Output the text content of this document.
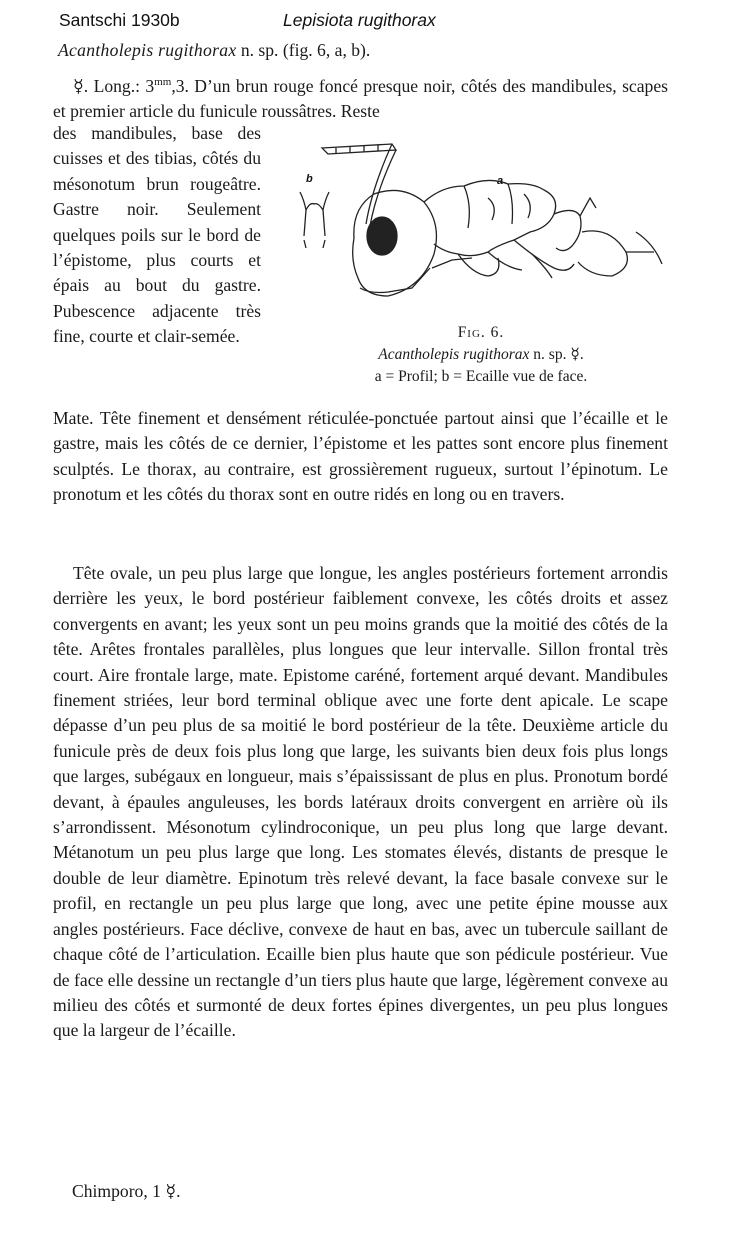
Santschi 1930b	Lepisiota rugithorax
Acantholepis rugithorax n. sp. (fig. 6, a, b).
☿. Long.: $3^{mm},3$. D’un brun rouge foncé presque noir, côtés des mandibules, scapes et premier article du funicule roussâtres. Reste
des mandibules, base des cuisses et des tibias, côtés du mésonotum brun rougeâtre. Gastre noir. Seulement quelques poils sur le bord de l’épistome, plus courts et épais au bout du gastre. Pubescence adjacente très fine, courte et clair-semée.
b	a
Fig. 6.
Acantholepis rugithorax n. sp. ☿.
a = Profil; b = Ecaille vue de face.
Mate. Tête finement et densément réticulée-ponctuée partout ainsi que l’écaille et le gastre, mais les côtés de ce dernier, l’épistome et les pattes sont encore plus finement sculptés. Le thorax, au contraire, est grossièrement rugueux, surtout l’épinotum. Le pronotum et les côtés du thorax sont en outre ridés en long ou en travers.
Tête ovale, un peu plus large que longue, les angles postérieurs fortement arrondis derrière les yeux, le bord postérieur faiblement convexe, les côtés droits et assez convergents en avant; les yeux sont un peu moins grands que la moitié des côtés de la tête. Arêtes frontales parallèles, plus longues que leur intervalle. Sillon frontal très court. Aire frontale large, mate. Epistome caréné, fortement arqué devant. Mandibules finement striées, leur bord terminal oblique avec une forte dent apicale. Le scape dépasse d’un peu plus de sa moitié le bord postérieur de la tête. Deuxième article du funicule près de deux fois plus long que large, les suivants bien deux fois plus longs que larges, subégaux en longueur, mais s’épaississant de plus en plus. Pronotum bordé devant, à épaules anguleuses, les bords latéraux droits convergent en arrière où ils s’arrondissent. Mésonotum cylindroconique, un peu plus long que large devant. Métanotum un peu plus large que long. Les stomates élevés, distants de presque le double de leur diamètre. Epinotum très relevé devant, la face basale convexe sur le profil, en rectangle un peu plus large que long, avec une petite épine mousse aux angles postérieurs. Face déclive, convexe de haut en bas, avec un tubercule saillant de chaque côté de l’articulation. Ecaille bien plus haute que son pédicule postérieur. Vue de face elle dessine un rectangle d’un tiers plus haute que large, légèrement convexe au milieu des côtés et surmonté de deux fortes épines divergentes, un peu plus longues que la largeur de l’écaille.
Chimporo, 1 ☿.
